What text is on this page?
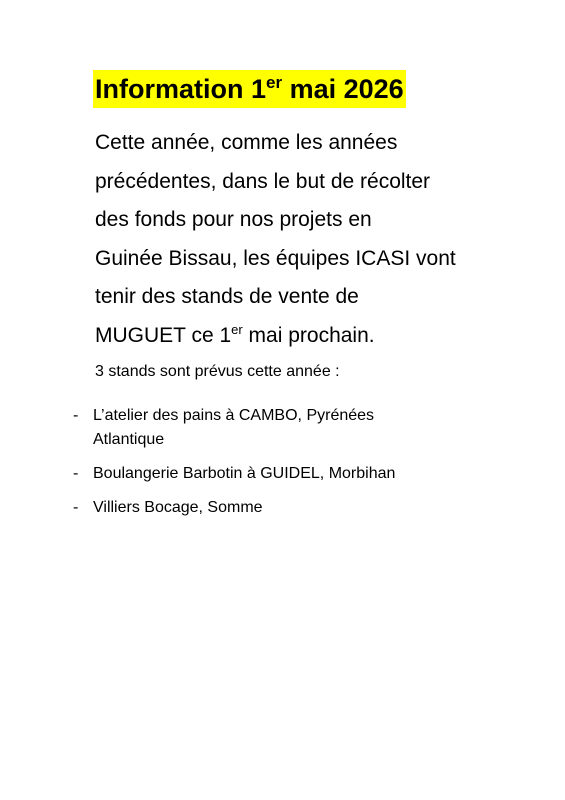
Information 1er mai 2026

Cette année, comme les années
précédentes, dans le but de récolter
des fonds pour nos projets en
Guinée Bissau, les équipes ICASI vont
tenir des stands de vente de
MUGUET ce 1er mai prochain.

3 stands sont prévus cette année :

- L’atelier des pains à CAMBO, Pyrénées
Atlantique
- Boulangerie Barbotin à GUIDEL, Morbihan
- Villiers Bocage, Somme
